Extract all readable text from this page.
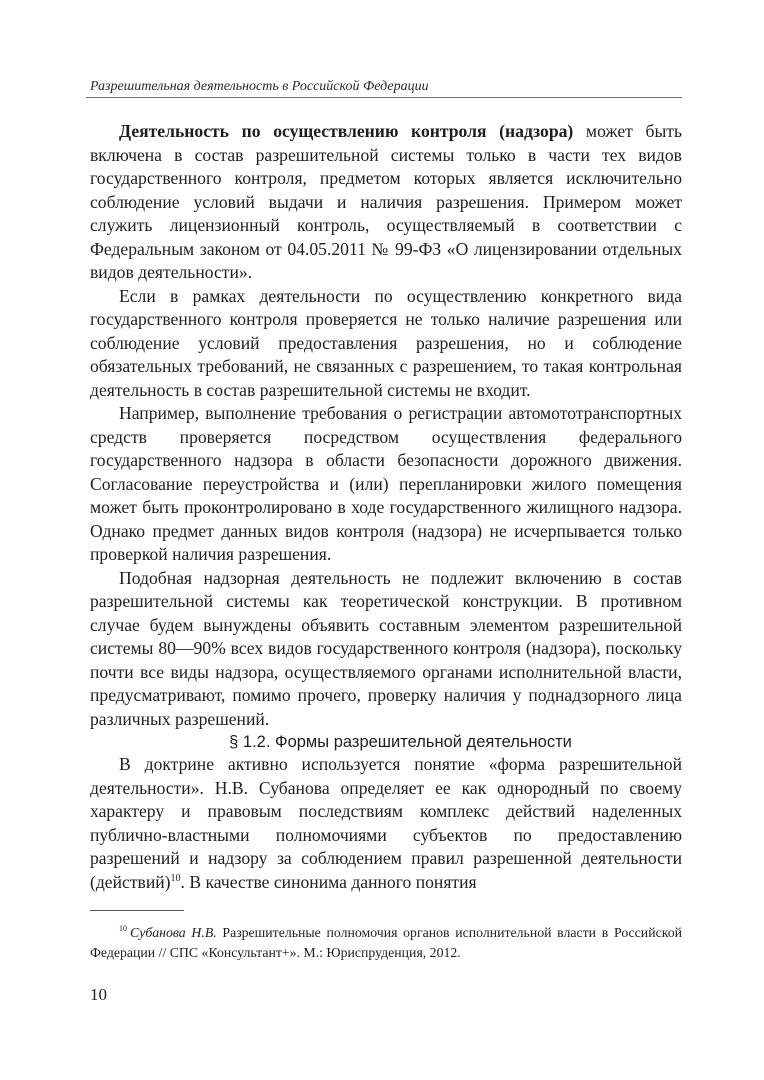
Разрешительная деятельность в Российской Федерации

Деятельность по осуществлению контроля (надзора) может быть включена в состав разрешительной системы только в части тех видов государственного контроля, предметом которых является исключительно соблюдение условий выдачи и наличия разрешения. Примером может служить лицензионный контроль, осуществляемый в соответствии с Федеральным законом от 04.05.2011 № 99-ФЗ «О лицензировании отдельных видов деятельности».

Если в рамках деятельности по осуществлению конкретного вида государственного контроля проверяется не только наличие разрешения или соблюдение условий предоставления разрешения, но и соблюдение обязательных требований, не связанных с разрешением, то такая контрольная деятельность в состав разрешительной системы не входит.

Например, выполнение требования о регистрации автомототранспортных средств проверяется посредством осуществления федерального государственного надзора в области безопасности дорожного движения. Согласование переустройства и (или) перепланировки жилого помещения может быть проконтролировано в ходе государственного жилищного надзора. Однако предмет данных видов контроля (надзора) не исчерпывается только проверкой наличия разрешения.

Подобная надзорная деятельность не подлежит включению в состав разрешительной системы как теоретической конструкции. В противном случае будем вынуждены объявить составным элементом разрешительной системы 80—90% всех видов государственного контроля (надзора), поскольку почти все виды надзора, осуществляемого органами исполнительной власти, предусматривают, помимо прочего, проверку наличия у поднадзорного лица различных разрешений.

§ 1.2. Формы разрешительной деятельности

В доктрине активно используется понятие «форма разрешительной деятельности». Н.В. Субанова определяет ее как однородный по своему характеру и правовым последствиям комплекс действий наделенных публично-властными полномочиями субъектов по предоставлению разрешений и надзору за соблюдением правил разрешенной деятельности (действий)$^{10}$. В качестве синонима данного понятия

$^{10}$ Субанова Н.В. Разрешительные полномочия органов исполнительной власти в Российской Федерации // СПС «Консультант+». М.: Юриспруденция, 2012.

10
